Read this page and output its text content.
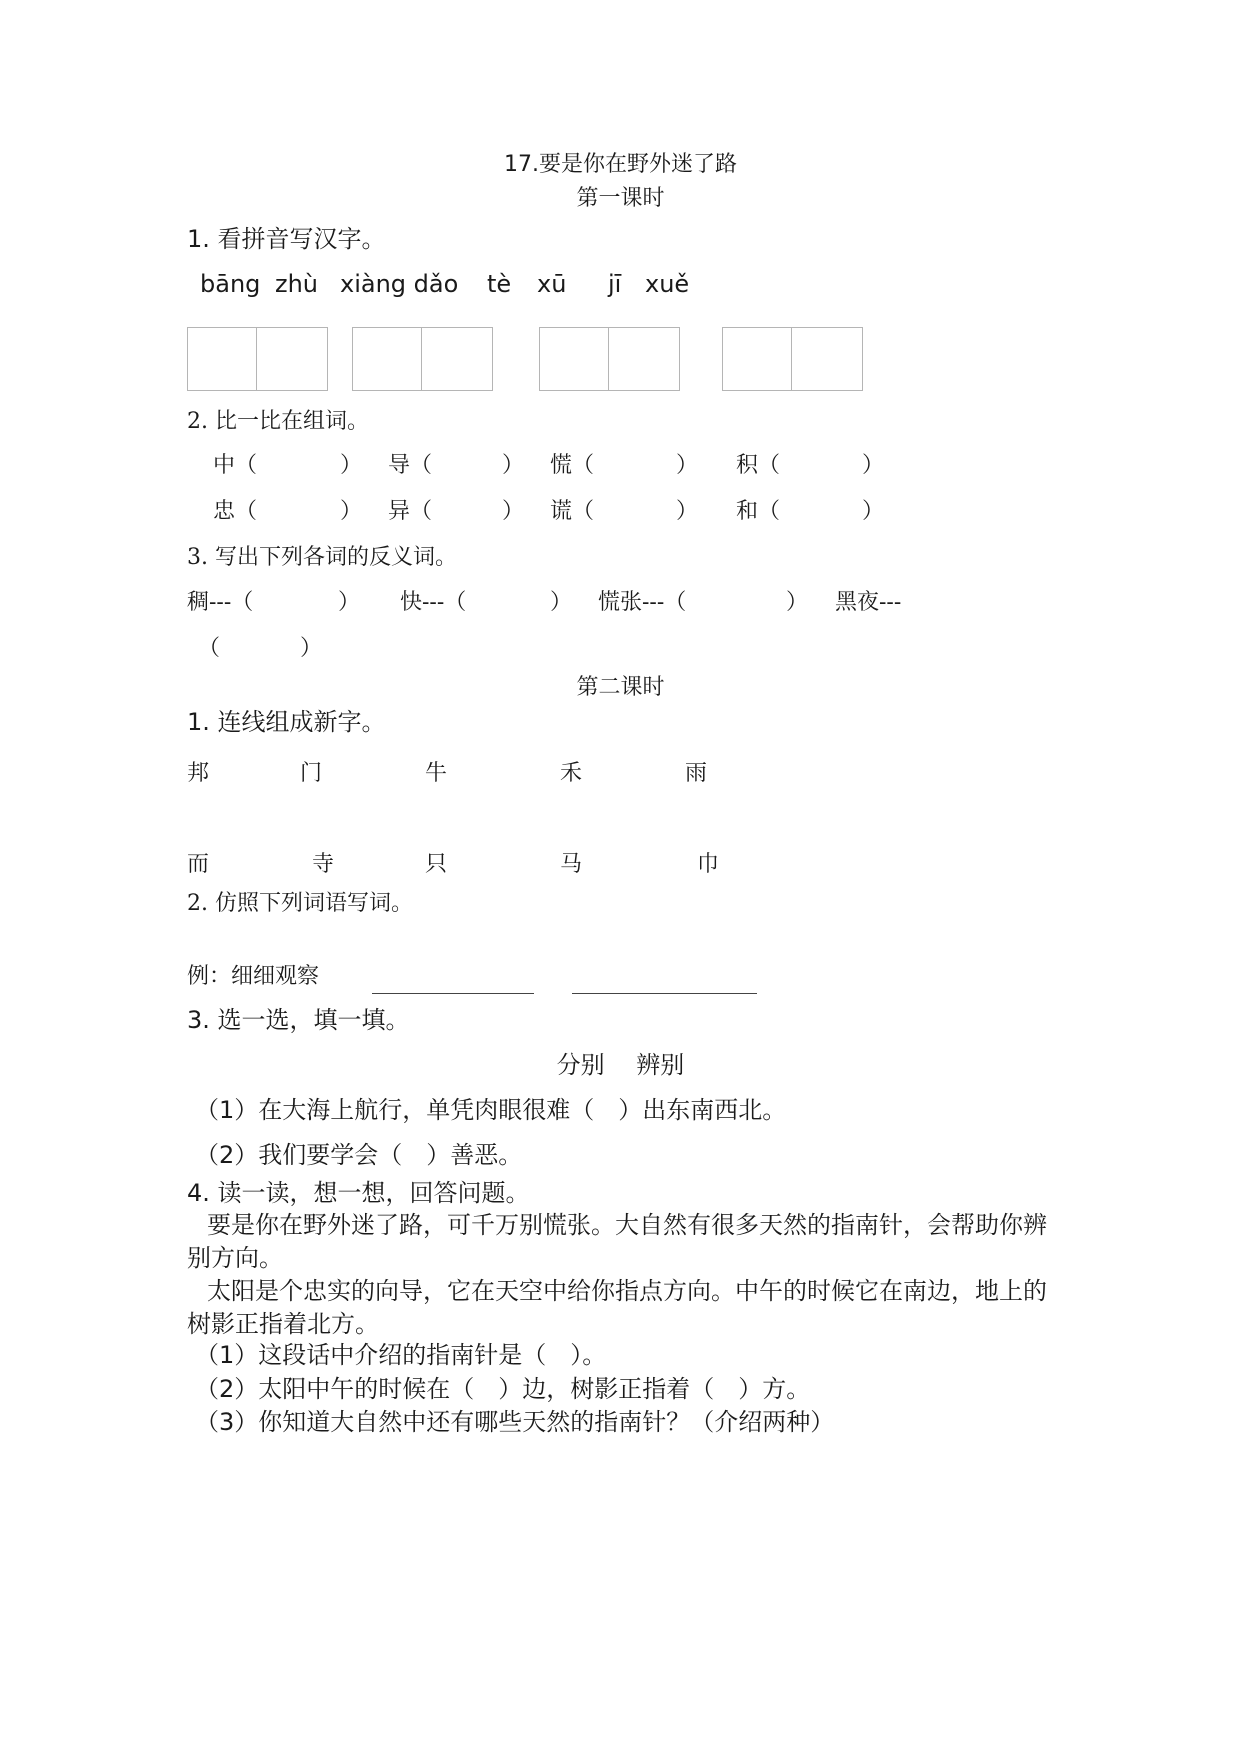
17.要是你在野外迷了路
第一课时
1. 看拼音写汉字。
bāng zhù xiàng dǎo tè xū jī xuě
2. 比一比在组词。
中（	） 导（	） 慌（	） 积（	）
忠（	） 异（	） 谎（	） 和（	）
3. 写出下列各词的反义词。
稠---（	） 快---（	） 慌张---（	） 黑夜---
（	）
第二课时
1. 连线组成新字。
邦	门	牛	禾	雨
而	寺	只	马	巾
2. 仿照下列词语写词。
例：细细观察
3. 选一选，填一填。
分别　 辨别
（1）在大海上航行，单凭肉眼很难（　）出东南西北。
（2）我们要学会（　）善恶。
4. 读一读，想一想，回答问题。
要是你在野外迷了路，可千万别慌张。大自然有很多天然的指南针，会帮助你辨别方向。
太阳是个忠实的向导，它在天空中给你指点方向。中午的时候它在南边，地上的树影正指着北方。
（1）这段话中介绍的指南针是（　）。
（2）太阳中午的时候在（　）边，树影正指着（　）方。
（3）你知道大自然中还有哪些天然的指南针？（介绍两种）
